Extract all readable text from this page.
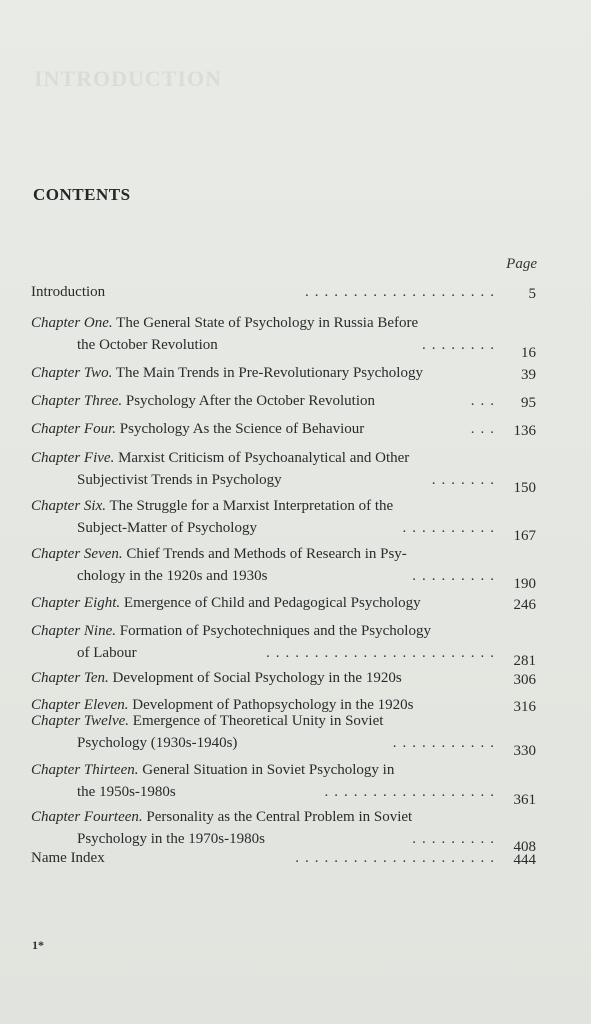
INTRODUCTION
CONTENTS
Page
Introduction	....................	5
Chapter One. The General State of Psychology in Russia Before
the October Revolution	........	16
Chapter Two. The Main Trends in Pre-Revolutionary Psychology	39
Chapter Three. Psychology After the October Revolution	...	95
Chapter Four. Psychology As the Science of Behaviour	... 136
Chapter Five. Marxist Criticism of Psychoanalytical and Other
Subjectivist Trends in Psychology	....... 150
Chapter Six. The Struggle for a Marxist Interpretation of the
Subject-Matter of Psychology	.......... 167
Chapter Seven. Chief Trends and Methods of Research in Psy-
chology in the 1920s and 1930s	......... 190
Chapter Eight. Emergence of Child and Pedagogical Psychology	246
Chapter Nine. Formation of Psychotechniques and the Psychology
of Labour	........................ 281
Chapter Ten. Development of Social Psychology in the 1920s	306
Chapter Eleven. Development of Pathopsychology in the 1920s	316
Chapter Twelve. Emergence of Theoretical Unity in Soviet
Psychology (1930s-1940s)	........... 330
Chapter Thirteen. General Situation in Soviet Psychology in
the 1950s-1980s	.................. 361
Chapter Fourteen. Personality as the Central Problem in Soviet
Psychology in the 1970s-1980s	......... 408
Name Index	..................... 444
1*
